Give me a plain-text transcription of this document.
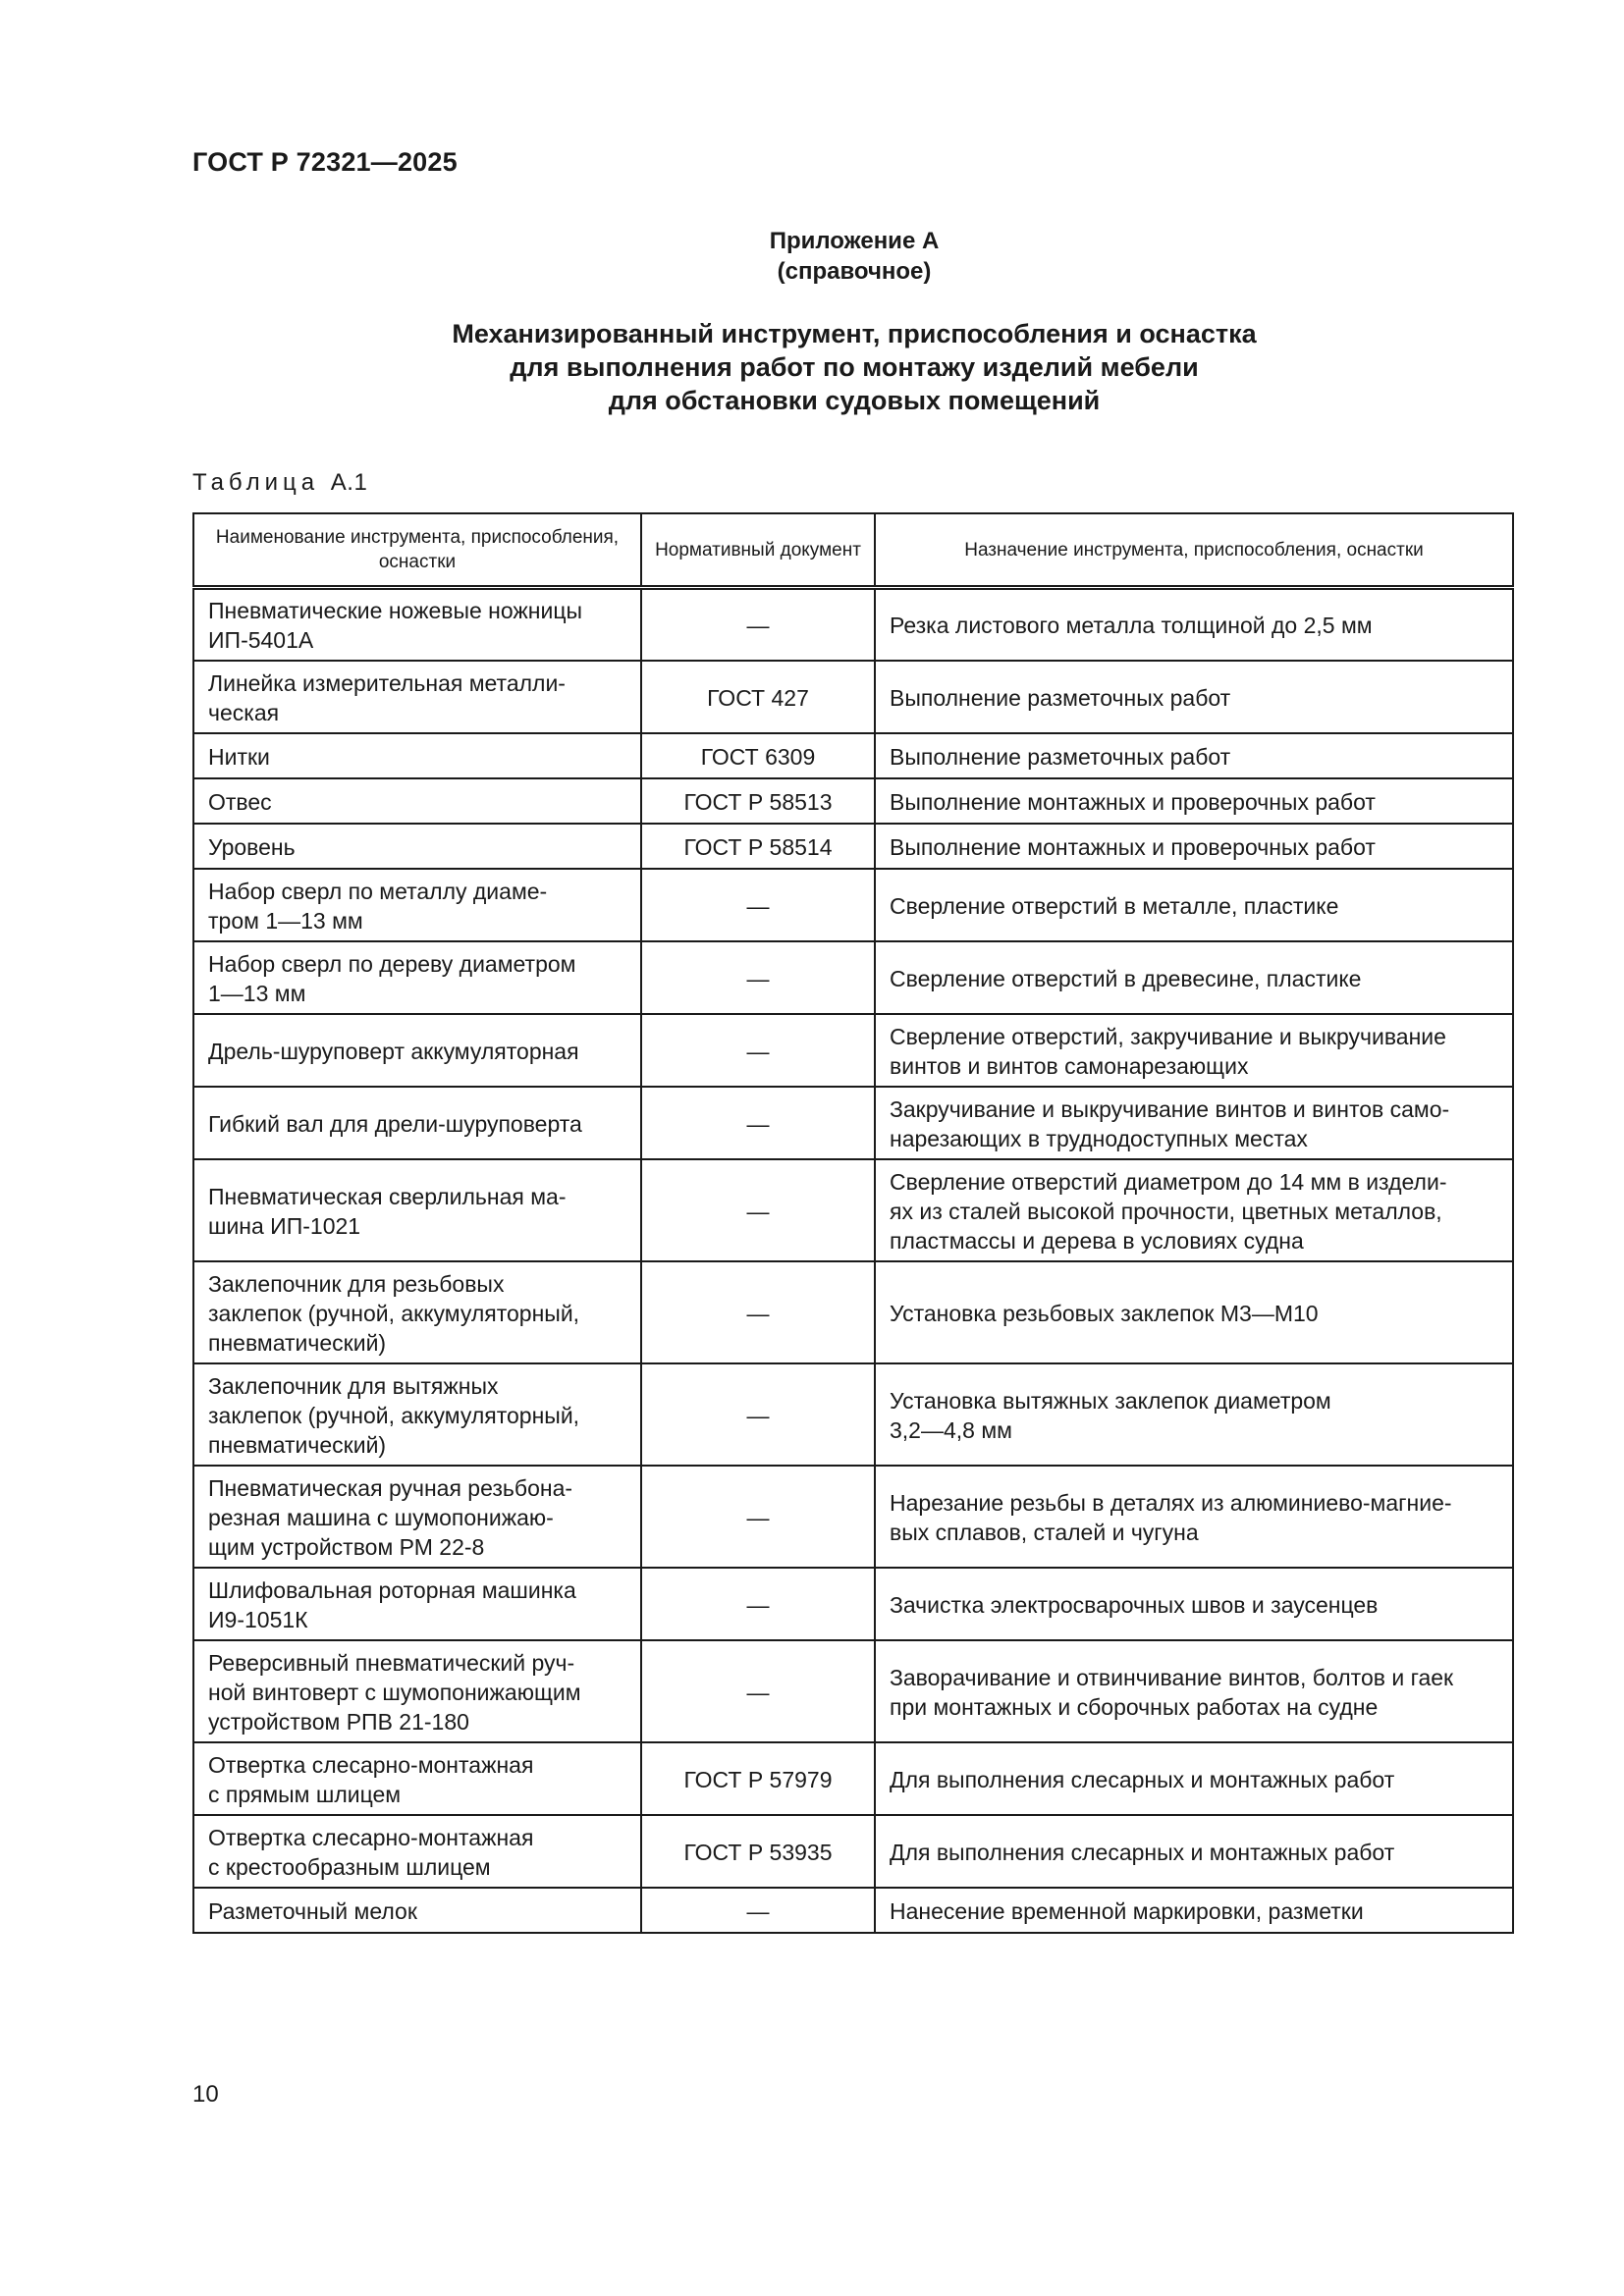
ГОСТ Р 72321—2025
Приложение А
(справочное)
Механизированный инструмент, приспособления и оснастка
для выполнения работ по монтажу изделий мебели
для обстановки судовых помещений
Таблица А.1
Наименование инструмента, приспособления, оснастки	Нормативный документ	Назначение инструмента, приспособления, оснастки

Пневматические ножевые ножницы
ИП-5401А	—	Резка листового металла толщиной до 2,5 мм

Линейка измерительная металли-
ческая	ГОСТ 427	Выполнение разметочных работ

Нитки	ГОСТ 6309	Выполнение разметочных работ

Отвес	ГОСТ Р 58513	Выполнение монтажных и проверочных работ

Уровень	ГОСТ Р 58514	Выполнение монтажных и проверочных работ

Набор сверл по металлу диаме-
тром 1—13 мм	—	Сверление отверстий в металле, пластике

Набор сверл по дереву диаметром
1—13 мм	—	Сверление отверстий в древесине, пластике

Дрель-шуруповерт аккумуляторная	—	Сверление отверстий, закручивание и выкручивание
винтов и винтов самонарезающих

Гибкий вал для дрели-шуруповерта	—	Закручивание и выкручивание винтов и винтов само-
нарезающих в труднодоступных местах

Пневматическая сверлильная ма-
шина ИП-1021	—	Сверление отверстий диаметром до 14 мм в издели-
ях из сталей высокой прочности, цветных металлов,
пластмассы и дерева в условиях судна

Заклепочник для резьбовых
заклепок (ручной, аккумуляторный,
пневматический)	—	Установка резьбовых заклепок М3—М10

Заклепочник для вытяжных
заклепок (ручной, аккумуляторный,
пневматический)	—	Установка вытяжных заклепок диаметром
3,2—4,8 мм

Пневматическая ручная резьбона-
резная машина с шумопонижаю-
щим устройством РМ 22-8	—	Нарезание резьбы в деталях из алюминиево-магние-
вых сплавов, сталей и чугуна

Шлифовальная роторная машинка
И9-1051К	—	Зачистка электросварочных швов и заусенцев

Реверсивный пневматический руч-
ной винтоверт с шумопонижающим
устройством РПВ 21-180	—	Заворачивание и отвинчивание винтов, болтов и гаек
при монтажных и сборочных работах на судне

Отвертка слесарно-монтажная
с прямым шлицем	ГОСТ Р 57979	Для выполнения слесарных и монтажных работ

Отвертка слесарно-монтажная
с крестообразным шлицем	ГОСТ Р 53935	Для выполнения слесарных и монтажных работ

Разметочный мелок	—	Нанесение временной маркировки, разметки
10
